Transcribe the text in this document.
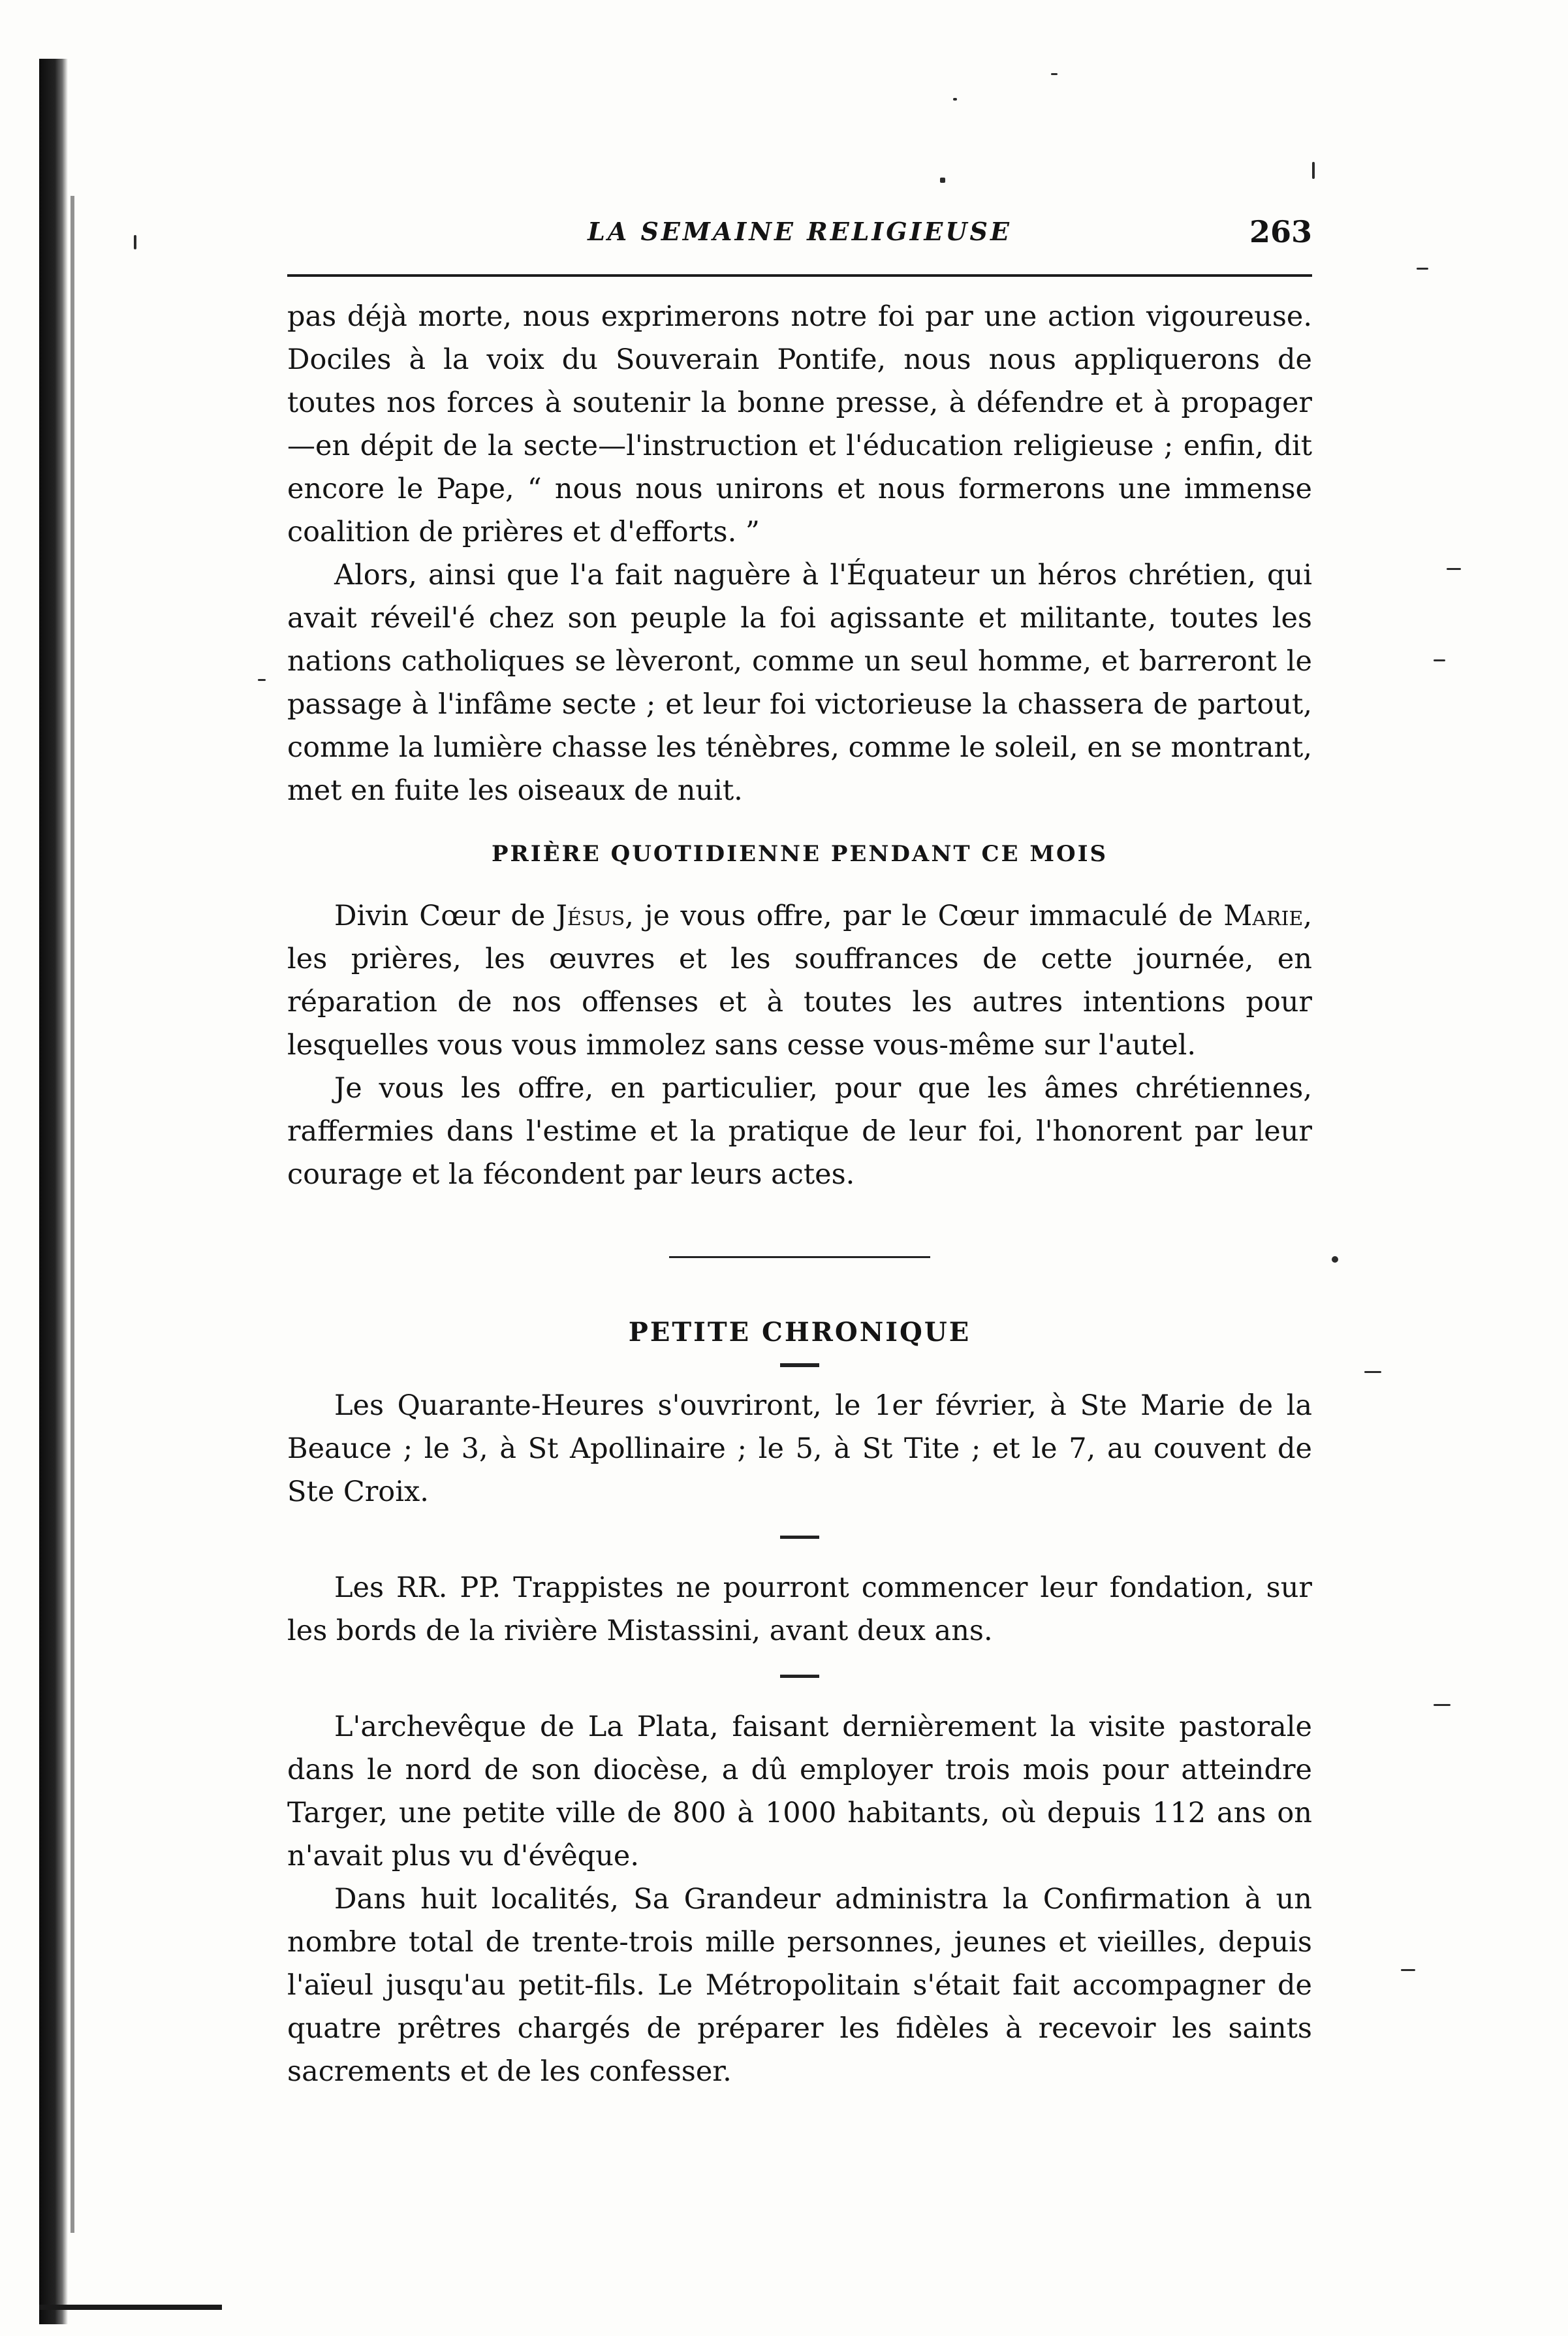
LA SEMAINE RELIGIEUSE	263

pas déjà morte, nous exprimerons notre foi par une action vigoureuse. Dociles à la voix du Souverain Pontife, nous nous appliquerons de toutes nos forces à soutenir la bonne presse, à défendre et à propager—en dépit de la secte—l'instruction et l'éducation religieuse ; enfin, dit encore le Pape, “ nous nous unirons et nous formerons une immense coalition de prières et d'efforts. ”

Alors, ainsi que l'a fait naguère à l'Équateur un héros chrétien, qui avait réveil'é chez son peuple la foi agissante et militante, toutes les nations catholiques se lèveront, comme un seul homme, et barreront le passage à l'infâme secte ; et leur foi victorieuse la chassera de partout, comme la lumière chasse les ténèbres, comme le soleil, en se montrant, met en fuite les oiseaux de nuit.

PRIÈRE QUOTIDIENNE PENDANT CE MOIS

Divin Cœur de Jésus, je vous offre, par le Cœur immaculé de Marie, les prières, les œuvres et les souffrances de cette journée, en réparation de nos offenses et à toutes les autres intentions pour lesquelles vous vous immolez sans cesse vous-même sur l'autel.

Je vous les offre, en particulier, pour que les âmes chrétiennes, raffermies dans l'estime et la pratique de leur foi, l'honorent par leur courage et la fécondent par leurs actes.

PETITE CHRONIQUE

Les Quarante-Heures s'ouvriront, le 1er février, à Ste Marie de la Beauce ; le 3, à St Apollinaire ; le 5, à St Tite ; et le 7, au couvent de Ste Croix.

Les RR. PP. Trappistes ne pourront commencer leur fondation, sur les bords de la rivière Mistassini, avant deux ans.

L'archevêque de La Plata, faisant dernièrement la visite pastorale dans le nord de son diocèse, a dû employer trois mois pour atteindre Targer, une petite ville de 800 à 1000 habitants, où depuis 112 ans on n'avait plus vu d'évêque.

Dans huit localités, Sa Grandeur administra la Confirmation à un nombre total de trente-trois mille personnes, jeunes et vieilles, depuis l'aïeul jusqu'au petit-fils. Le Métropolitain s'était fait accompagner de quatre prêtres chargés de préparer les fidèles à recevoir les saints sacrements et de les confesser.
